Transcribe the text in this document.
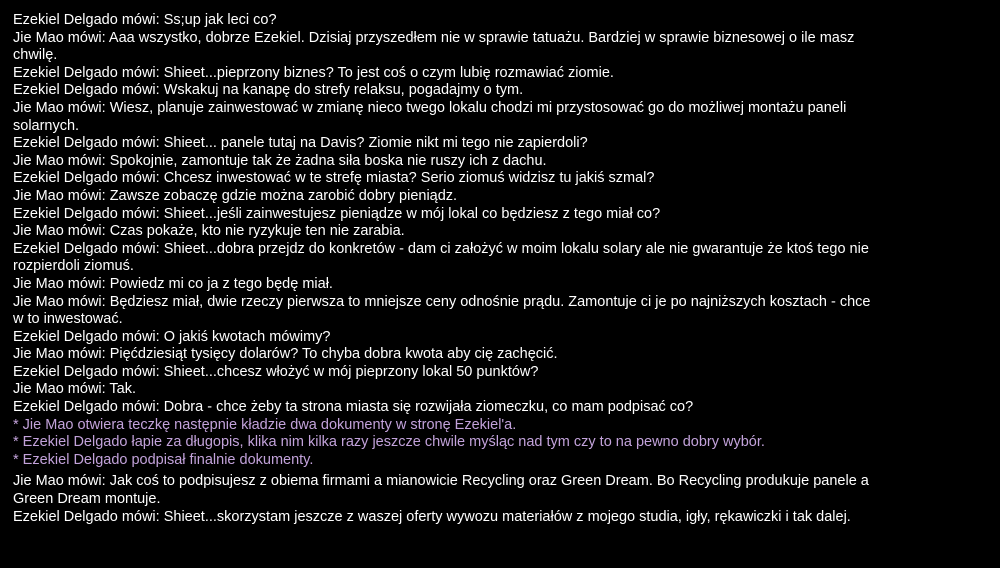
Ezekiel Delgado mówi: Ss;up jak leci co?
Jie Mao mówi: Aaa wszystko, dobrze Ezekiel. Dzisiaj przyszedłem nie w sprawie tatuażu. Bardziej w sprawie biznesowej o ile masz chwilę.
Ezekiel Delgado mówi: Shieet...pieprzony biznes? To jest coś o czym lubię rozmawiać ziomie.
Ezekiel Delgado mówi: Wskakuj na kanapę do strefy relaksu, pogadajmy o tym.
Jie Mao mówi: Wiesz, planuje zainwestować w zmianę nieco twego lokalu chodzi mi przystosować go do możliwej montażu paneli solarnych.
Ezekiel Delgado mówi: Shieet... panele tutaj na Davis? Ziomie nikt mi tego nie zapierdoli?
Jie Mao mówi: Spokojnie, zamontuje tak że żadna siła boska nie ruszy ich z dachu.
Ezekiel Delgado mówi: Chcesz inwestować w te strefę miasta? Serio ziomuś widzisz tu jakiś szmal?
Jie Mao mówi: Zawsze zobaczę gdzie można zarobić dobry pieniądz.
Ezekiel Delgado mówi: Shieet...jeśli zainwestujesz pieniądze w mój lokal co będziesz z tego miał co?
Jie Mao mówi: Czas pokaże, kto nie ryzykuje ten nie zarabia.
Ezekiel Delgado mówi: Shieet...dobra przejdz do konkretów - dam ci założyć w moim lokalu solary ale nie gwarantuje że ktoś tego nie rozpierdoli ziomuś.
Jie Mao mówi: Powiedz mi co ja z tego będę miał.
Jie Mao mówi: Będziesz miał, dwie rzeczy pierwsza to mniejsze ceny odnośnie prądu. Zamontuje ci je po najniższych kosztach - chce w to inwestować.
Ezekiel Delgado mówi: O jakiś kwotach mówimy?
Jie Mao mówi: Pięćdziesiąt tysięcy dolarów? To chyba dobra kwota aby cię zachęcić.
Ezekiel Delgado mówi: Shieet...chcesz włożyć w mój pieprzony lokal 50 punktów?
Jie Mao mówi: Tak.
Ezekiel Delgado mówi: Dobra - chce żeby ta strona miasta się rozwijała ziomeczku, co mam podpisać co?
* Jie Mao otwiera teczkę następnie kładzie dwa dokumenty w stronę Ezekiel'a.
* Ezekiel Delgado łapie za długopis, klika nim kilka razy jeszcze chwile myśląc nad tym czy to na pewno dobry wybór.
* Ezekiel Delgado podpisał finalnie dokumenty.
Jie Mao mówi: Jak coś to podpisujesz z obiema firmami a mianowicie Recycling oraz Green Dream. Bo Recycling produkuje panele a Green Dream montuje.
Ezekiel Delgado mówi: Shieet...skorzystam jeszcze z waszej oferty wywozu materiałów z mojego studia, igły, rękawiczki i tak dalej.
